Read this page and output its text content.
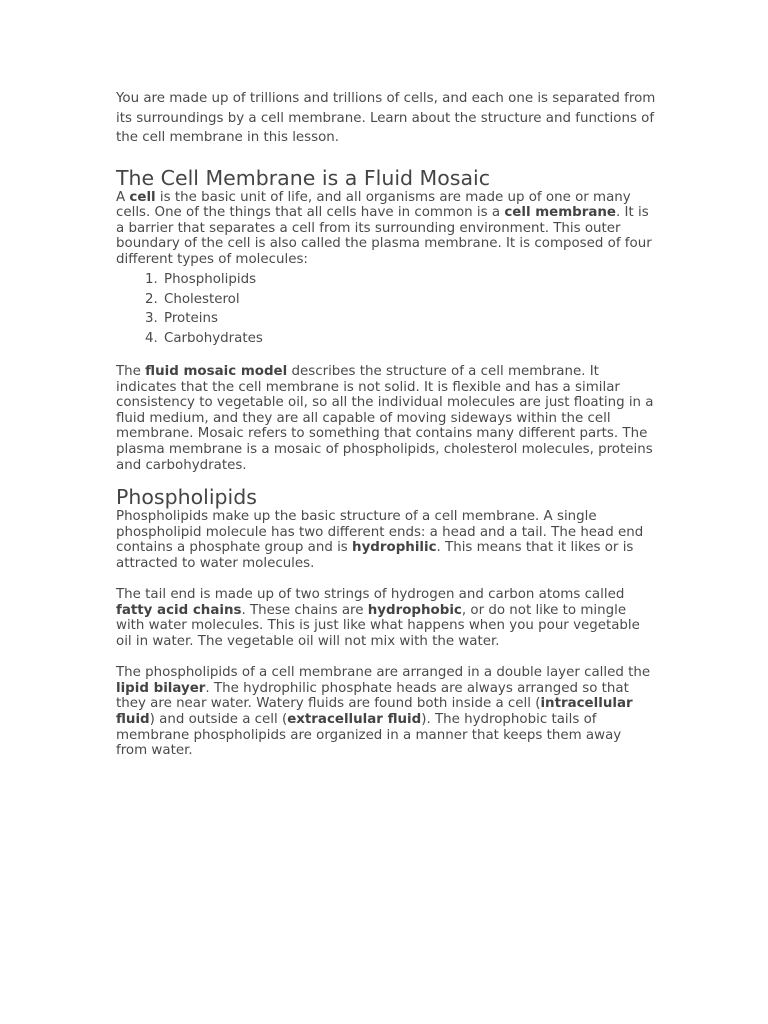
You are made up of trillions and trillions of cells, and each one is separated from its surroundings by a cell membrane. Learn about the structure and functions of the cell membrane in this lesson.

The Cell Membrane is a Fluid Mosaic

A cell is the basic unit of life, and all organisms are made up of one or many cells. One of the things that all cells have in common is a cell membrane. It is a barrier that separates a cell from its surrounding environment. This outer boundary of the cell is also called the plasma membrane. It is composed of four different types of molecules:

1. Phospholipids
2. Cholesterol
3. Proteins
4. Carbohydrates

The fluid mosaic model describes the structure of a cell membrane. It indicates that the cell membrane is not solid. It is flexible and has a similar consistency to vegetable oil, so all the individual molecules are just floating in a fluid medium, and they are all capable of moving sideways within the cell membrane. Mosaic refers to something that contains many different parts. The plasma membrane is a mosaic of phospholipids, cholesterol molecules, proteins and carbohydrates.

Phospholipids

Phospholipids make up the basic structure of a cell membrane. A single phospholipid molecule has two different ends: a head and a tail. The head end contains a phosphate group and is hydrophilic. This means that it likes or is attracted to water molecules.

The tail end is made up of two strings of hydrogen and carbon atoms called fatty acid chains. These chains are hydrophobic, or do not like to mingle with water molecules. This is just like what happens when you pour vegetable oil in water. The vegetable oil will not mix with the water.

The phospholipids of a cell membrane are arranged in a double layer called the lipid bilayer. The hydrophilic phosphate heads are always arranged so that they are near water. Watery fluids are found both inside a cell (intracellular fluid) and outside a cell (extracellular fluid). The hydrophobic tails of membrane phospholipids are organized in a manner that keeps them away from water.
